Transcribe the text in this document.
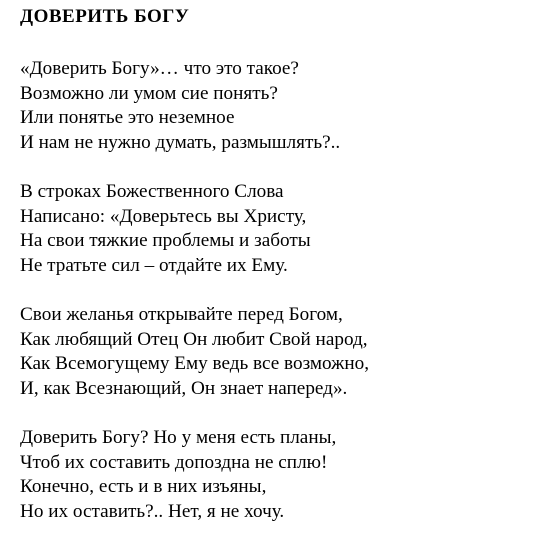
ДОВЕРИТЬ БОГУ

«Доверить Богу»… что это такое?

Возможно ли умом сие понять?

Или понятье это неземное

И нам не нужно думать, размышлять?..

В строках Божественного Слова

Написано: «Доверьтесь вы Христу,

На свои тяжкие проблемы и заботы

Не тратьте сил – отдайте их Ему.

Свои желанья открывайте перед Богом,

Как любящий Отец Он любит Свой народ,

Как Всемогущему Ему ведь все возможно,

И, как Всезнающий, Он знает наперед».

Доверить Богу? Но у меня есть планы,

Чтоб их составить допоздна не сплю!

Конечно, есть и в них изъяны,

Но их оставить?.. Нет, я не хочу.
